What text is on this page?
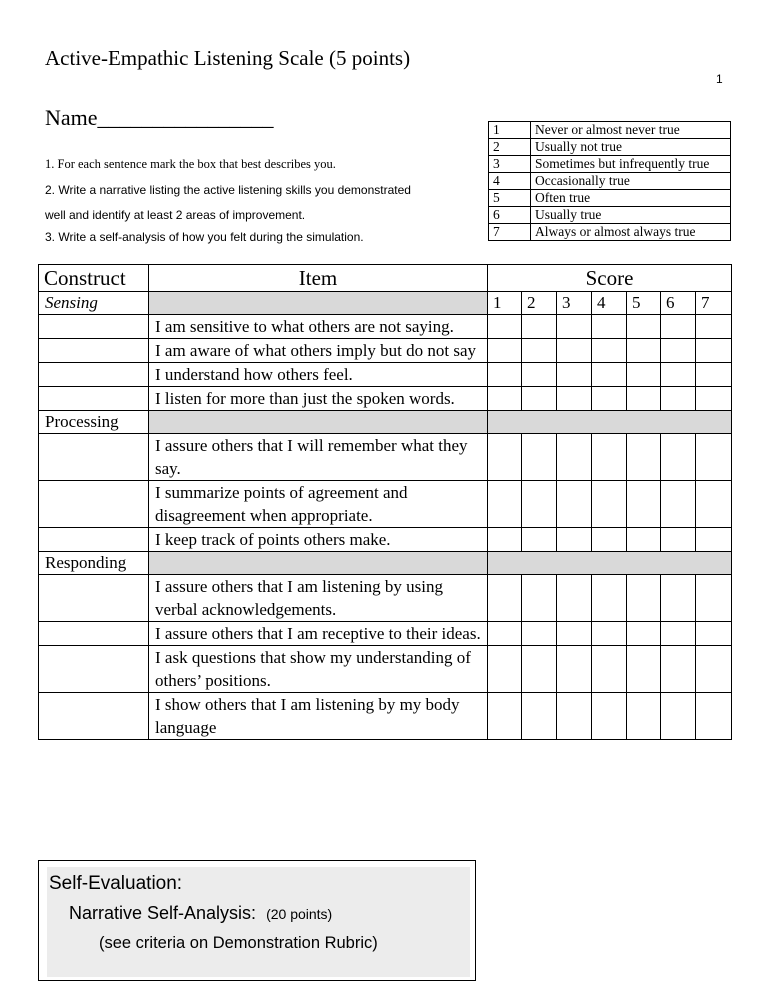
Active-Empathic Listening Scale (5 points)
1
Name________________
1. For each sentence mark the box that best describes you.
2. Write a narrative listing the active listening skills you demonstrated
well and identify at least 2 areas of improvement.
3. Write a self-analysis of how you felt during the simulation.
1	Never or almost never true
2	Usually not true
3	Sometimes but infrequently true
4	Occasionally true
5	Often true
6	Usually true
7	Always or almost always true
Construct	Item	Score						
Sensing		1	2	3	4	5	6	7
	I am sensitive to what others are not saying.							
	I am aware of what others imply but do not say							
	I understand how others feel.							
	I listen for more than just the spoken words.							
Processing								
	I assure others that I will remember what they say.							
	I summarize points of agreement and disagreement when appropriate.							
	I keep track of points others make.							
Responding								
	I assure others that I am listening by using verbal acknowledgements.							
	I assure others that I am receptive to their ideas.							
	I ask questions that show my understanding of others’ positions.							
	I show others that I am listening by my body language							
Self-Evaluation:
Narrative Self-Analysis: (20 points)
(see criteria on Demonstration Rubric)
